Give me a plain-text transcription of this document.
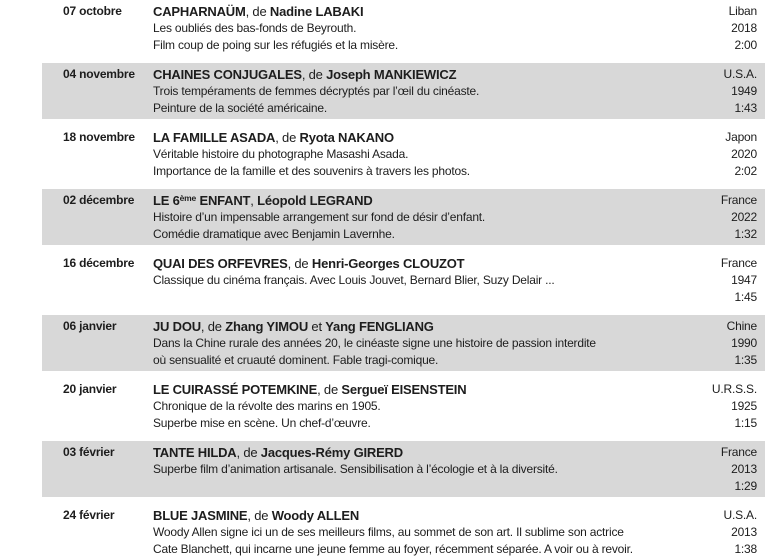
07 octobre	CAPHARNAÜM, de Nadine LABAKI
Les oubliés des bas-fonds de Beyrouth.
Film coup de poing sur les réfugiés et la misère.
Liban
2018
2:00
04 novembre	CHAINES CONJUGALES, de Joseph MANKIEWICZ
Trois tempéraments de femmes décryptés par l’œil du cinéaste.
Peinture de la société américaine.
U.S.A.
1949
1:43
18 novembre	LA FAMILLE ASADA, de Ryota NAKANO
Véritable histoire du photographe Masashi Asada.
Importance de la famille et des souvenirs à travers les photos.
Japon
2020
2:02
02 décembre	LE 6ème ENFANT, Léopold LEGRAND
Histoire d’un impensable arrangement sur fond de désir d’enfant.
Comédie dramatique avec Benjamin Lavernhe.
France
2022
1:32
16 décembre	QUAI DES ORFEVRES, de Henri-Georges CLOUZOT
Classique du cinéma français. Avec Louis Jouvet, Bernard Blier, Suzy Delair ...
France
1947
1:45
06 janvier	JU DOU, de Zhang YIMOU et Yang FENGLIANG
Dans la Chine rurale des années 20, le cinéaste signe une histoire de passion interdite
où sensualité et cruauté dominent. Fable tragi-comique.
Chine
1990
1:35
20 janvier	LE CUIRASSÉ POTEMKINE, de Sergueï EISENSTEIN
Chronique de la révolte des marins en 1905.
Superbe mise en scène. Un chef-d’œuvre.
U.R.S.S.
1925
1:15
03 février	TANTE HILDA, de Jacques-Rémy GIRERD
Superbe film d’animation artisanale. Sensibilisation à l’écologie et à la diversité.
France
2013
1:29
24 février	BLUE JASMINE, de Woody ALLEN
Woody Allen signe ici un de ses meilleurs films, au sommet de son art. Il sublime son actrice
Cate Blanchett, qui incarne une jeune femme au foyer, récemment séparée. A voir ou à revoir.
U.S.A.
2013
1:38
